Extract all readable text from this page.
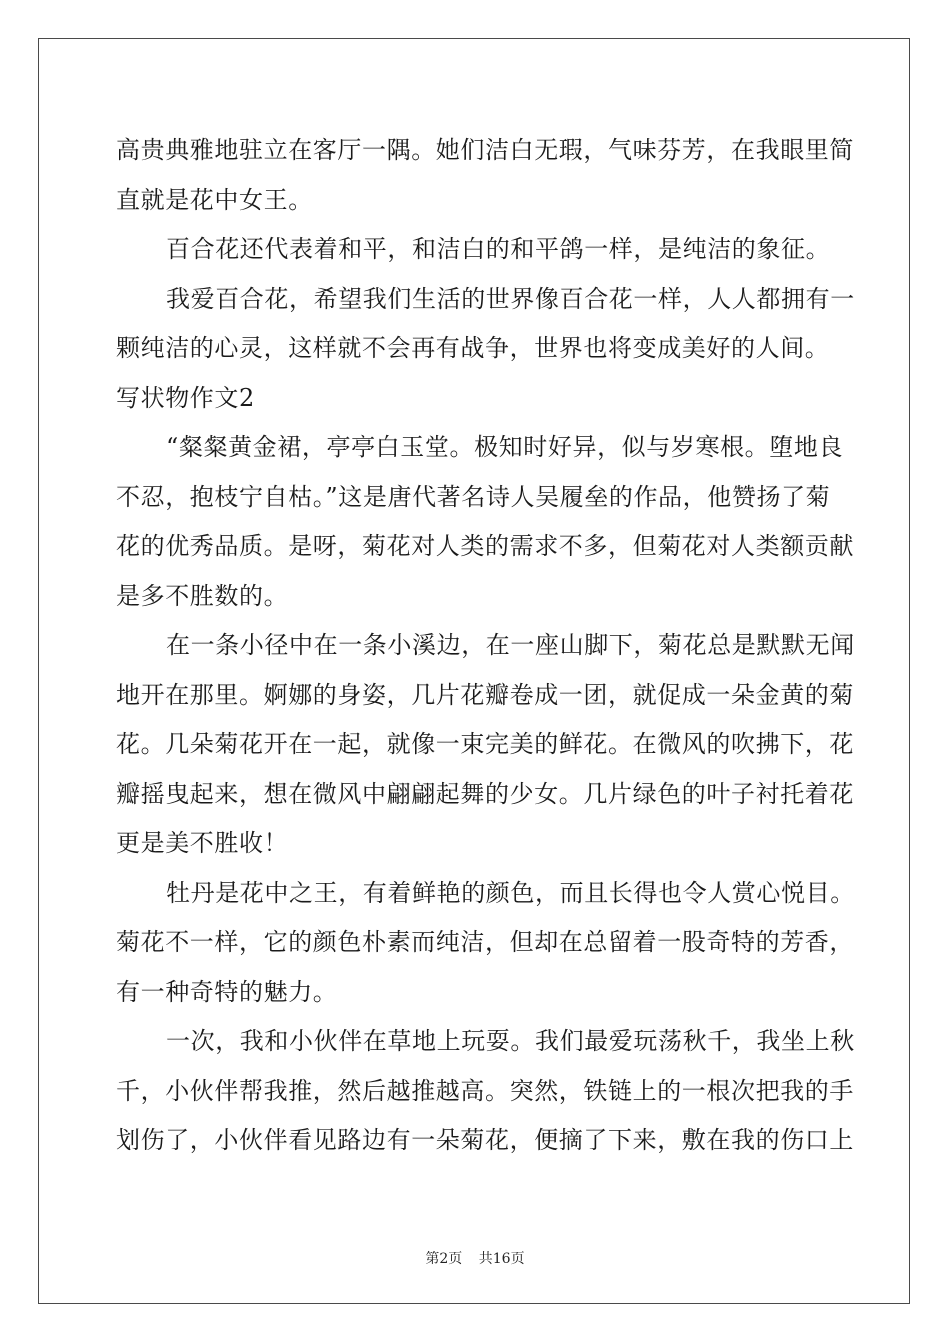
高贵典雅地驻立在客厅一隅。她们洁白无瑕，气味芬芳，在我眼里简
直就是花中女王。
百合花还代表着和平，和洁白的和平鸽一样，是纯洁的象征。
我爱百合花，希望我们生活的世界像百合花一样，人人都拥有一
颗纯洁的心灵，这样就不会再有战争，世界也将变成美好的人间。
写状物作文2
“粲粲黄金裙，亭亭白玉堂。极知时好异，似与岁寒根。堕地良
不忍，抱枝宁自枯。”这是唐代著名诗人吴履垒的作品，他赞扬了菊
花的优秀品质。是呀，菊花对人类的需求不多，但菊花对人类额贡献
是多不胜数的。
在一条小径中在一条小溪边，在一座山脚下，菊花总是默默无闻
地开在那里。婀娜的身姿，几片花瓣卷成一团，就促成一朵金黄的菊
花。几朵菊花开在一起，就像一束完美的鲜花。在微风的吹拂下，花
瓣摇曳起来，想在微风中翩翩起舞的少女。几片绿色的叶子衬托着花
更是美不胜收！
牡丹是花中之王，有着鲜艳的颜色，而且长得也令人赏心悦目。
菊花不一样，它的颜色朴素而纯洁，但却在总留着一股奇特的芳香，
有一种奇特的魅力。
一次，我和小伙伴在草地上玩耍。我们最爱玩荡秋千，我坐上秋
千，小伙伴帮我推，然后越推越高。突然，铁链上的一根次把我的手
划伤了，小伙伴看见路边有一朵菊花，便摘了下来，敷在我的伤口上
第2页 共16页
